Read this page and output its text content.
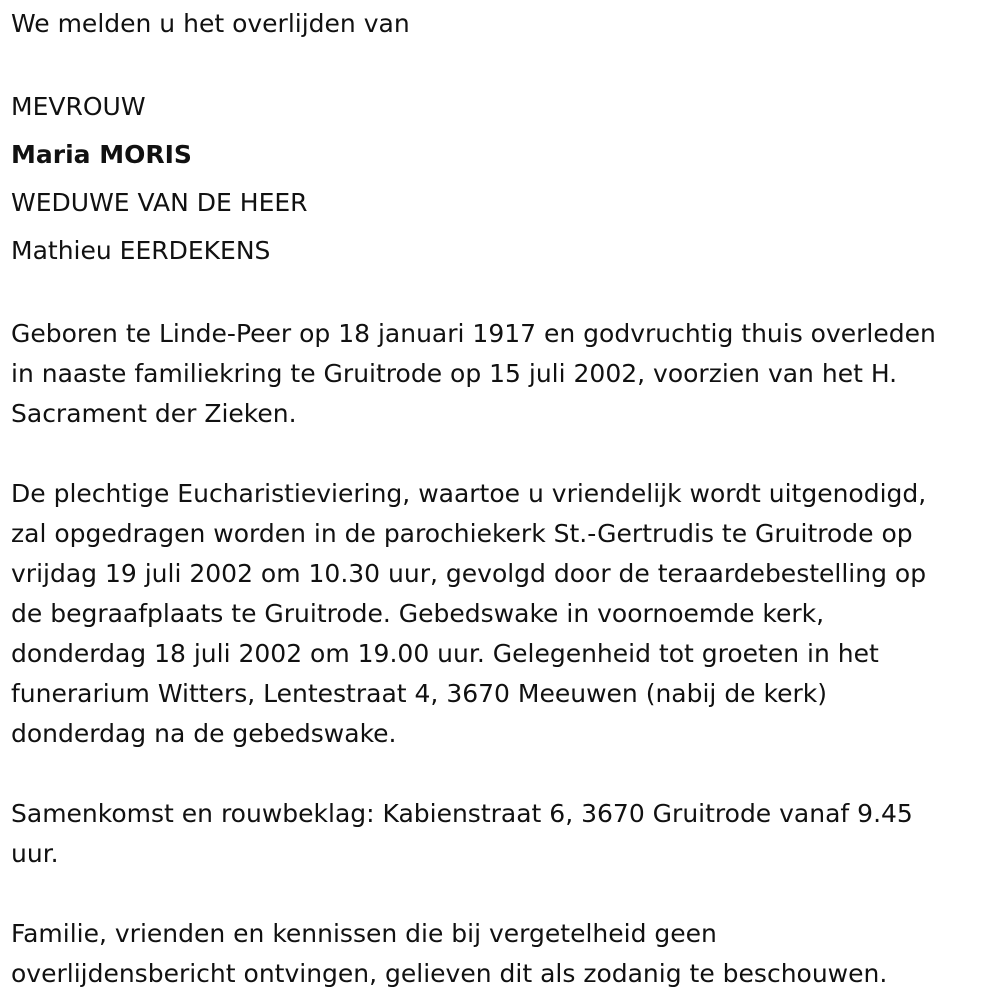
We melden u het overlijden van
MEVROUW
Maria MORIS
WEDUWE VAN DE HEER
Mathieu EERDEKENS
Geboren te Linde-Peer op 18 januari 1917 en godvruchtig thuis overleden
in naaste familiekring te Gruitrode op 15 juli 2002, voorzien van het H.
Sacrament der Zieken.
De plechtige Eucharistieviering, waartoe u vriendelijk wordt uitgenodigd,
zal opgedragen worden in de parochiekerk St.-Gertrudis te Gruitrode op
vrijdag 19 juli 2002 om 10.30 uur, gevolgd door de teraardebestelling op
de begraafplaats te Gruitrode. Gebedswake in voornoemde kerk,
donderdag 18 juli 2002 om 19.00 uur. Gelegenheid tot groeten in het
funerarium Witters, Lentestraat 4, 3670 Meeuwen (nabij de kerk)
donderdag na de gebedswake.
Samenkomst en rouwbeklag: Kabienstraat 6, 3670 Gruitrode vanaf 9.45
uur.
Familie, vrienden en kennissen die bij vergetelheid geen
overlijdensbericht ontvingen, gelieven dit als zodanig te beschouwen.
